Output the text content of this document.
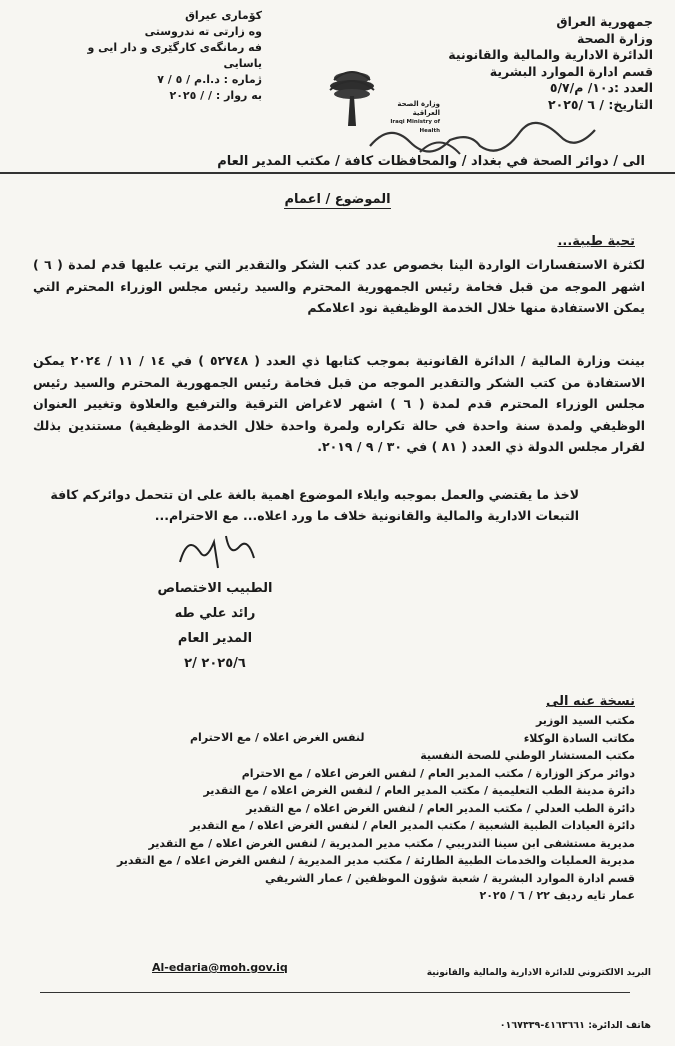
جمهورية العراق
وزارة الصحة
الدائرة الادارية والمالية والقانونية
قسم ادارة الموارد البشرية
العدد :د١٠/ م/٥/٧
التاريخ: / ٦ /٢٠٢٥
كۆماری عیراق
وه زارتی ته ندروستی
فه رمانگه‌ی کارگێری و دار ایی و یاسایی
ژماره : د.ا.م / ٥ / ٧
به روار : / / ٢٠٢٥
وزارة الصحة العراقية
Iraqi Ministry of Health
الى / دوائر الصحة في بغداد / والمحافظات كافة / مكتب المدير العام
الموضوع / اعمام
تحية طيبة...
لكثرة الاستفسارات الواردة الينا بخصوص عدد كتب الشكر والتقدير التي يرتب عليها قدم لمدة ( ٦ ) اشهر الموجه من قبل فخامة رئيس الجمهورية المحترم والسيد رئيس مجلس الوزراء المحترم التي يمكن الاستفادة منها خلال الخدمة الوظيفية نود اعلامكم
بينت وزارة المالية / الدائرة القانونية بموجب كتابها ذي العدد ( ٥٢٧٤٨ ) في ١٤ / ١١ / ٢٠٢٤ يمكن الاستفادة من كتب الشكر والتقدير الموجه من قبل فخامة رئيس الجمهورية المحترم والسيد رئيس مجلس الوزراء المحترم قدم لمدة ( ٦ ) اشهر لاغراض الترقية والترفيع والعلاوة وتغيير العنوان الوظيفي ولمدة سنة واحدة في حالة تكراره ولمرة واحدة خلال الخدمة الوظيفية) مستندين بذلك لقرار مجلس الدولة ذي العدد ( ٨١ ) في ٣٠ / ٩ / ٢٠١٩.
لاخذ ما يقتضي والعمل بموجبه وايلاء الموضوع اهمية بالغة على ان تتحمل دوائركم كافة التبعات الادارية والمالية والقانونية خلاف ما ورد اعلاه... مع الاحترام...
الطبيب الاختصاص
رائد علي طه
المدير العام
٢٠٢٥/٦ /٢
نسخة عنه الى
لنفس الغرض اعلاه / مع الاحترام
مكتب السيد الوزير
مكاتب السادة الوكلاء
مكتب المستشار الوطني للصحة النفسية
دوائر مركز الوزارة / مكتب المدير العام / لنفس الغرض اعلاه / مع الاحترام
دائرة مدينة الطب التعليمية / مكتب المدير العام / لنفس الغرض اعلاه / مع التقدير
دائرة الطب العدلي / مكتب المدير العام / لنفس الغرض اعلاه / مع التقدير
دائرة العيادات الطبية الشعبية / مكتب المدير العام / لنفس الغرض اعلاه / مع التقدير
مديرية مستشفى ابن سينا التدريبي / مكتب مدير المديرية / لنفس الغرض اعلاه / مع التقدير
مديرية العمليات والخدمات الطبية الطارئة / مكتب مدير المديرية / لنفس الغرض اعلاه / مع التقدير
قسم ادارة الموارد البشرية / شعبة شؤون الموظفين / عمار الشريفي
عمار تايه رديف ٢٢ / ٦ / ٢٠٢٥
Al-edaria@moh.gov.iq	البريد الالكتروني للدائرة الادارية والمالية والقانونية
هاتف الدائرة: ٤١٦٣٦٦١-٠١٦٧٣٣٩
